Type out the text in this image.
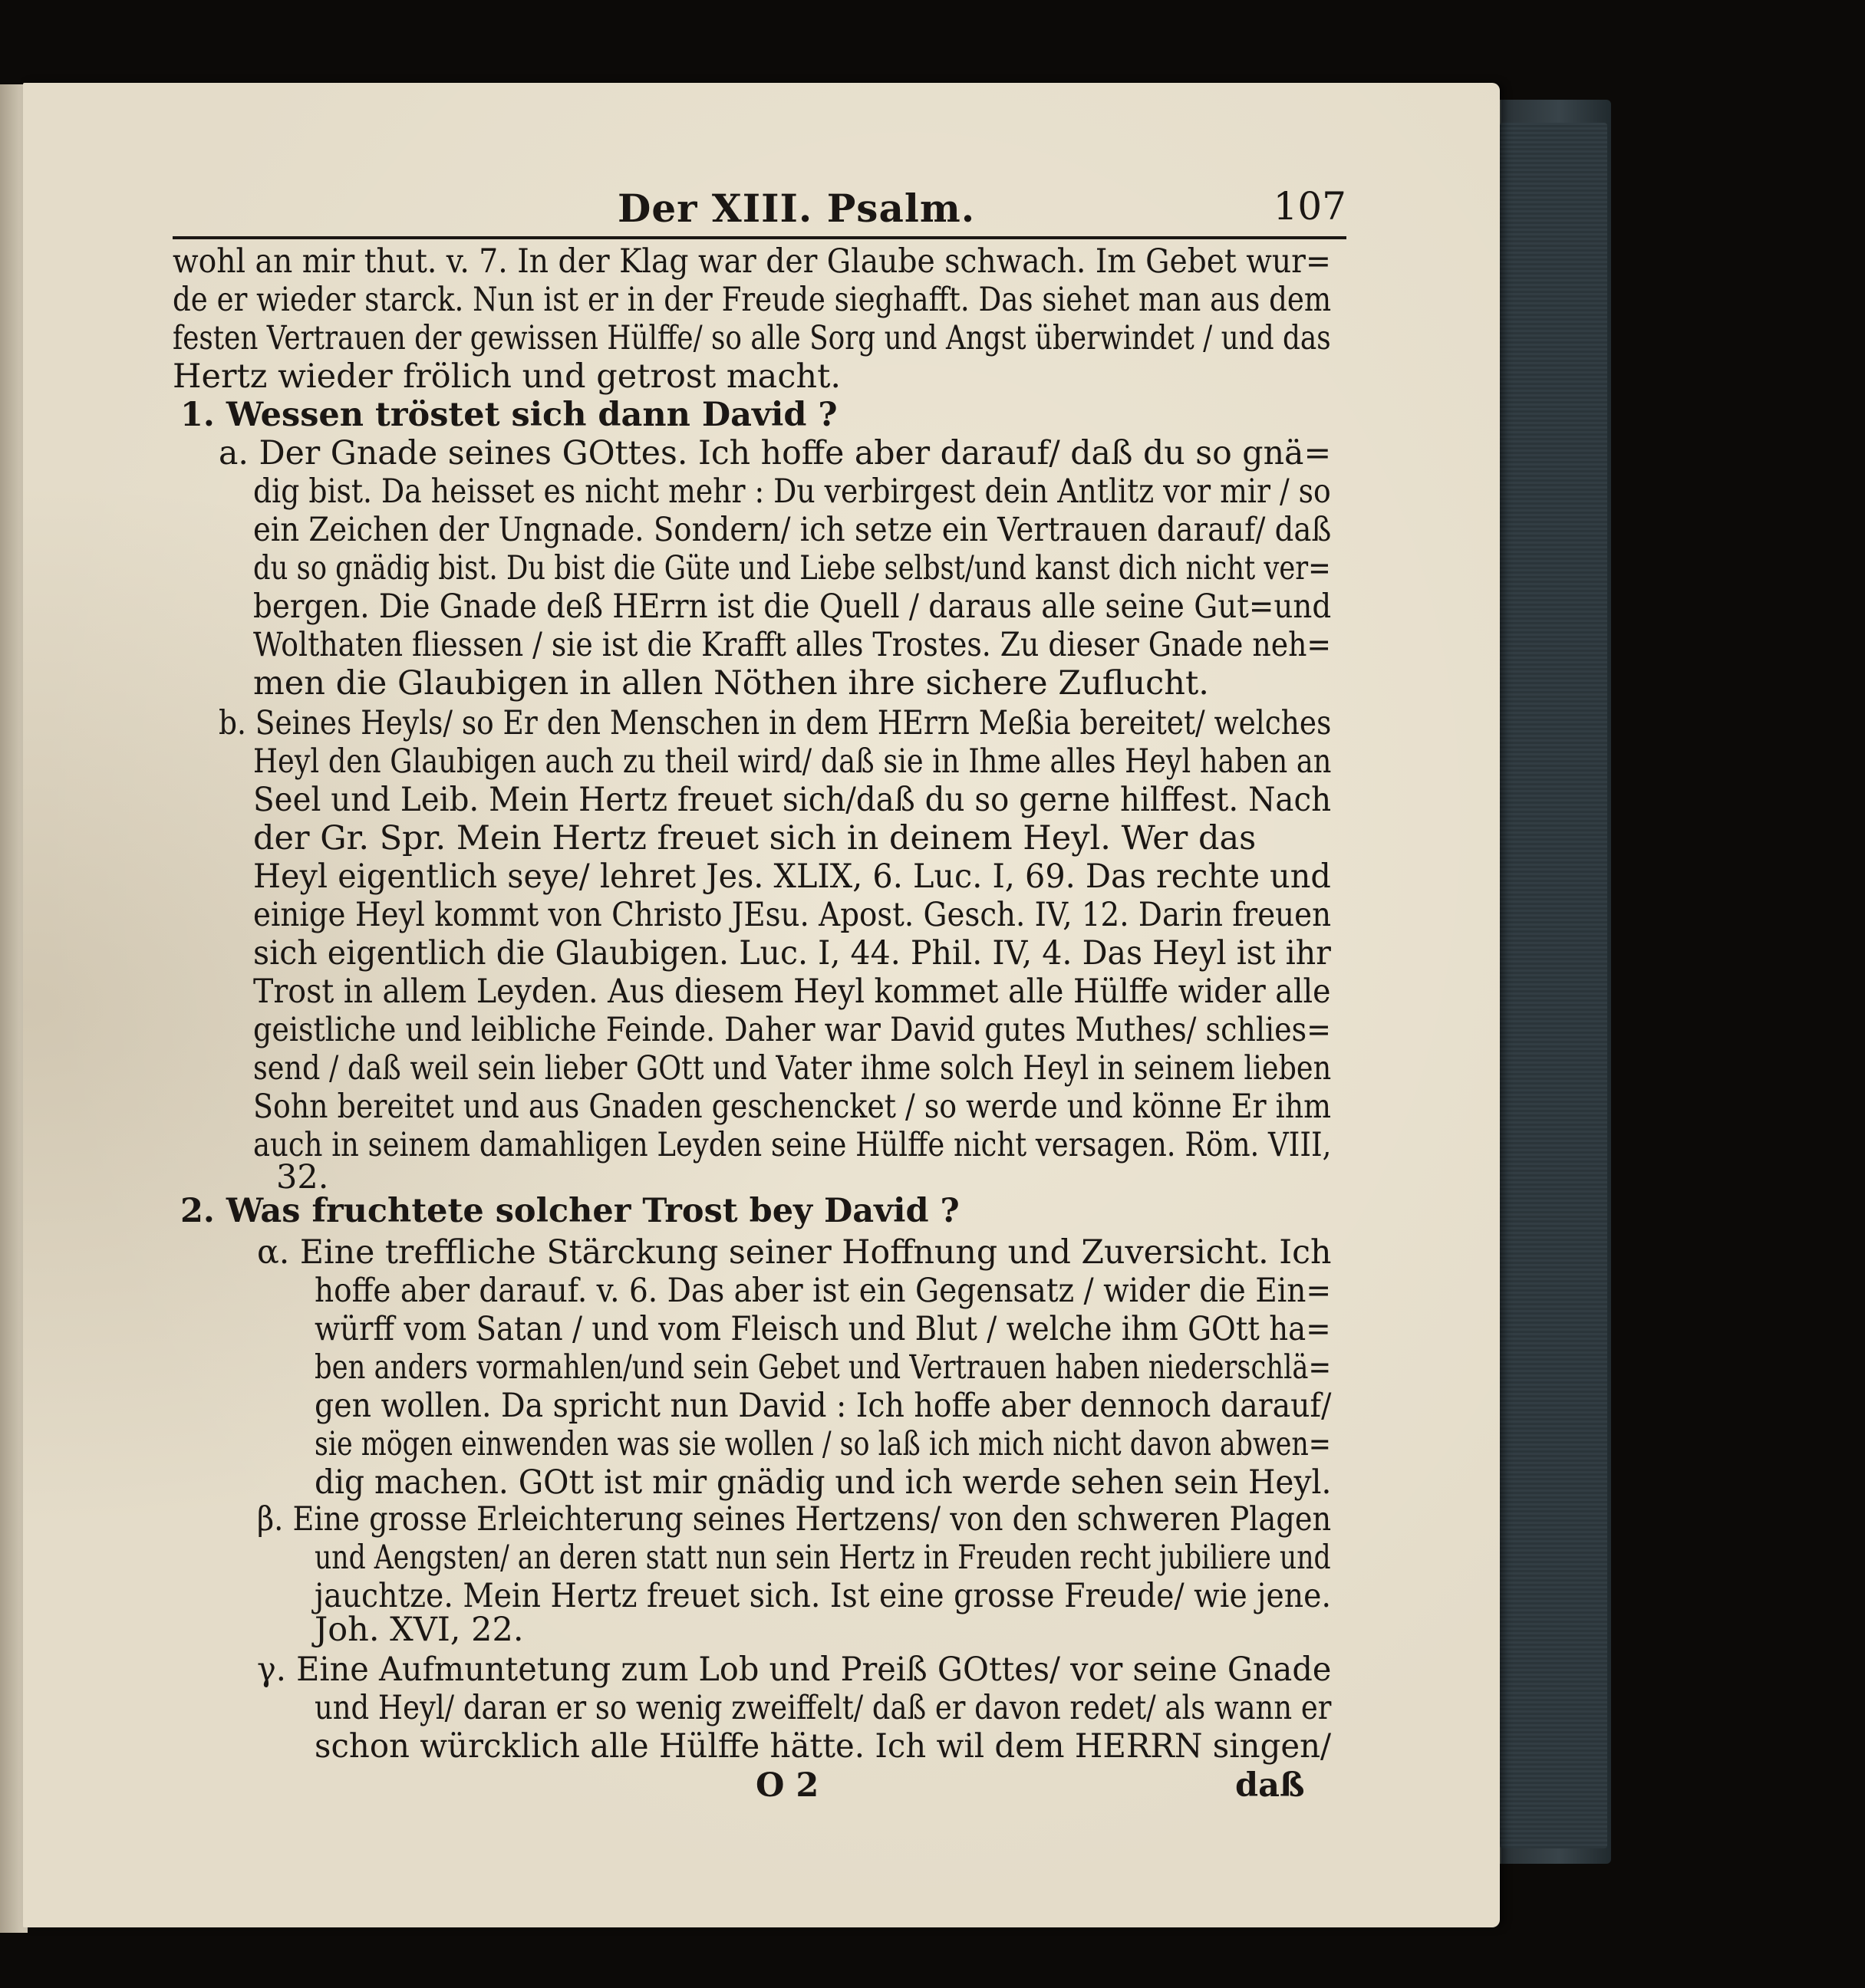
Der XIII. Psalm.	107
wohl an mir thut. v. 7. In der Klag war der Glaube schwach. Im Gebet wur=
de er wieder starck. Nun ist er in der Freude sieghafft. Das siehet man aus dem
festen Vertrauen der gewissen Hülffe/ so alle Sorg und Angst überwindet / und das
Hertz wieder frölich und getrost macht.
1. Wessen tröstet sich dann David ?
a. Der Gnade seines GOttes. Ich hoffe aber darauf/ daß du so gnä=
dig bist. Da heisset es nicht mehr : Du verbirgest dein Antlitz vor mir / so
ein Zeichen der Ungnade. Sondern/ ich setze ein Vertrauen darauf/ daß
du so gnädig bist. Du bist die Güte und Liebe selbst/und kanst dich nicht ver=
bergen. Die Gnade deß HErrn ist die Quell / daraus alle seine Gut=und
Wolthaten fliessen / sie ist die Krafft alles Trostes. Zu dieser Gnade neh=
men die Glaubigen in allen Nöthen ihre sichere Zuflucht.
b. Seines Heyls/ so Er den Menschen in dem HErrn Meßia bereitet/ welches
Heyl den Glaubigen auch zu theil wird/ daß sie in Ihme alles Heyl haben an
Seel und Leib. Mein Hertz freuet sich/daß du so gerne hilffest. Nach
der Gr. Spr. Mein Hertz freuet sich in deinem Heyl. Wer das
Heyl eigentlich seye/ lehret Jes. XLIX, 6. Luc. I, 69. Das rechte und
einige Heyl kommt von Christo JEsu. Apost. Gesch. IV, 12. Darin freuen
sich eigentlich die Glaubigen. Luc. I, 44. Phil. IV, 4. Das Heyl ist ihr
Trost in allem Leyden. Aus diesem Heyl kommet alle Hülffe wider alle
geistliche und leibliche Feinde. Daher war David gutes Muthes/ schlies=
send / daß weil sein lieber GOtt und Vater ihme solch Heyl in seinem lieben
Sohn bereitet und aus Gnaden geschencket / so werde und könne Er ihm
auch in seinem damahligen Leyden seine Hülffe nicht versagen. Röm. VIII,
32.
2. Was fruchtete solcher Trost bey David ?
α. Eine treffliche Stärckung seiner Hoffnung und Zuversicht. Ich
hoffe aber darauf. v. 6. Das aber ist ein Gegensatz / wider die Ein=
würff vom Satan / und vom Fleisch und Blut / welche ihm GOtt ha=
ben anders vormahlen/und sein Gebet und Vertrauen haben niederschlä=
gen wollen. Da spricht nun David : Ich hoffe aber dennoch darauf/
sie mögen einwenden was sie wollen / so laß ich mich nicht davon abwen=
dig machen. GOtt ist mir gnädig und ich werde sehen sein Heyl.
β. Eine grosse Erleichterung seines Hertzens/ von den schweren Plagen
und Aengsten/ an deren statt nun sein Hertz in Freuden recht jubiliere und
jauchtze. Mein Hertz freuet sich. Ist eine grosse Freude/ wie jene.
Joh. XVI, 22.
γ. Eine Aufmuntetung zum Lob und Preiß GOttes/ vor seine Gnade
und Heyl/ daran er so wenig zweiffelt/ daß er davon redet/ als wann er
schon würcklich alle Hülffe hätte. Ich wil dem HERRN singen/
O 2	daß
